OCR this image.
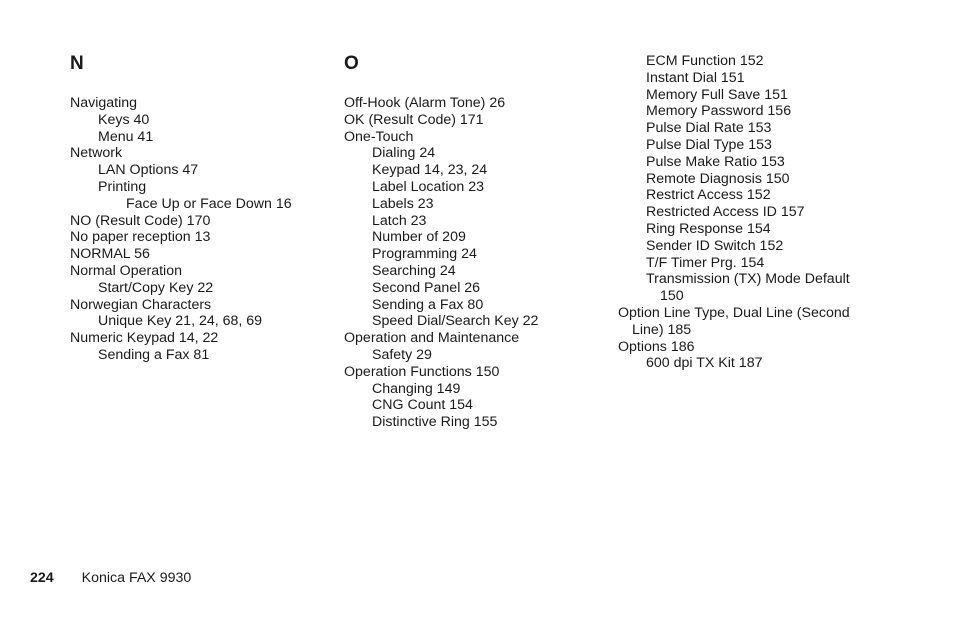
N
Navigating
Keys 40
Menu 41
Network
LAN Options 47
Printing
Face Up or Face Down 16
NO (Result Code) 170
No paper reception 13
NORMAL 56
Normal Operation
Start/Copy Key 22
Norwegian Characters
Unique Key 21, 24, 68, 69
Numeric Keypad 14, 22
Sending a Fax 81
O
Off-Hook (Alarm Tone) 26
OK (Result Code) 171
One-Touch
Dialing 24
Keypad 14, 23, 24
Label Location 23
Labels 23
Latch 23
Number of 209
Programming 24
Searching 24
Second Panel 26
Sending a Fax 80
Speed Dial/Search Key 22
Operation and Maintenance
Safety 29
Operation Functions 150
Changing 149
CNG Count 154
Distinctive Ring 155
ECM Function 152
Instant Dial 151
Memory Full Save 151
Memory Password 156
Pulse Dial Rate 153
Pulse Dial Type 153
Pulse Make Ratio 153
Remote Diagnosis 150
Restrict Access 152
Restricted Access ID 157
Ring Response 154
Sender ID Switch 152
T/F Timer Prg. 154
Transmission (TX) Mode Default
150
Option Line Type, Dual Line (Second
Line) 185
Options 186
600 dpi TX Kit 187
224 Konica FAX 9930
